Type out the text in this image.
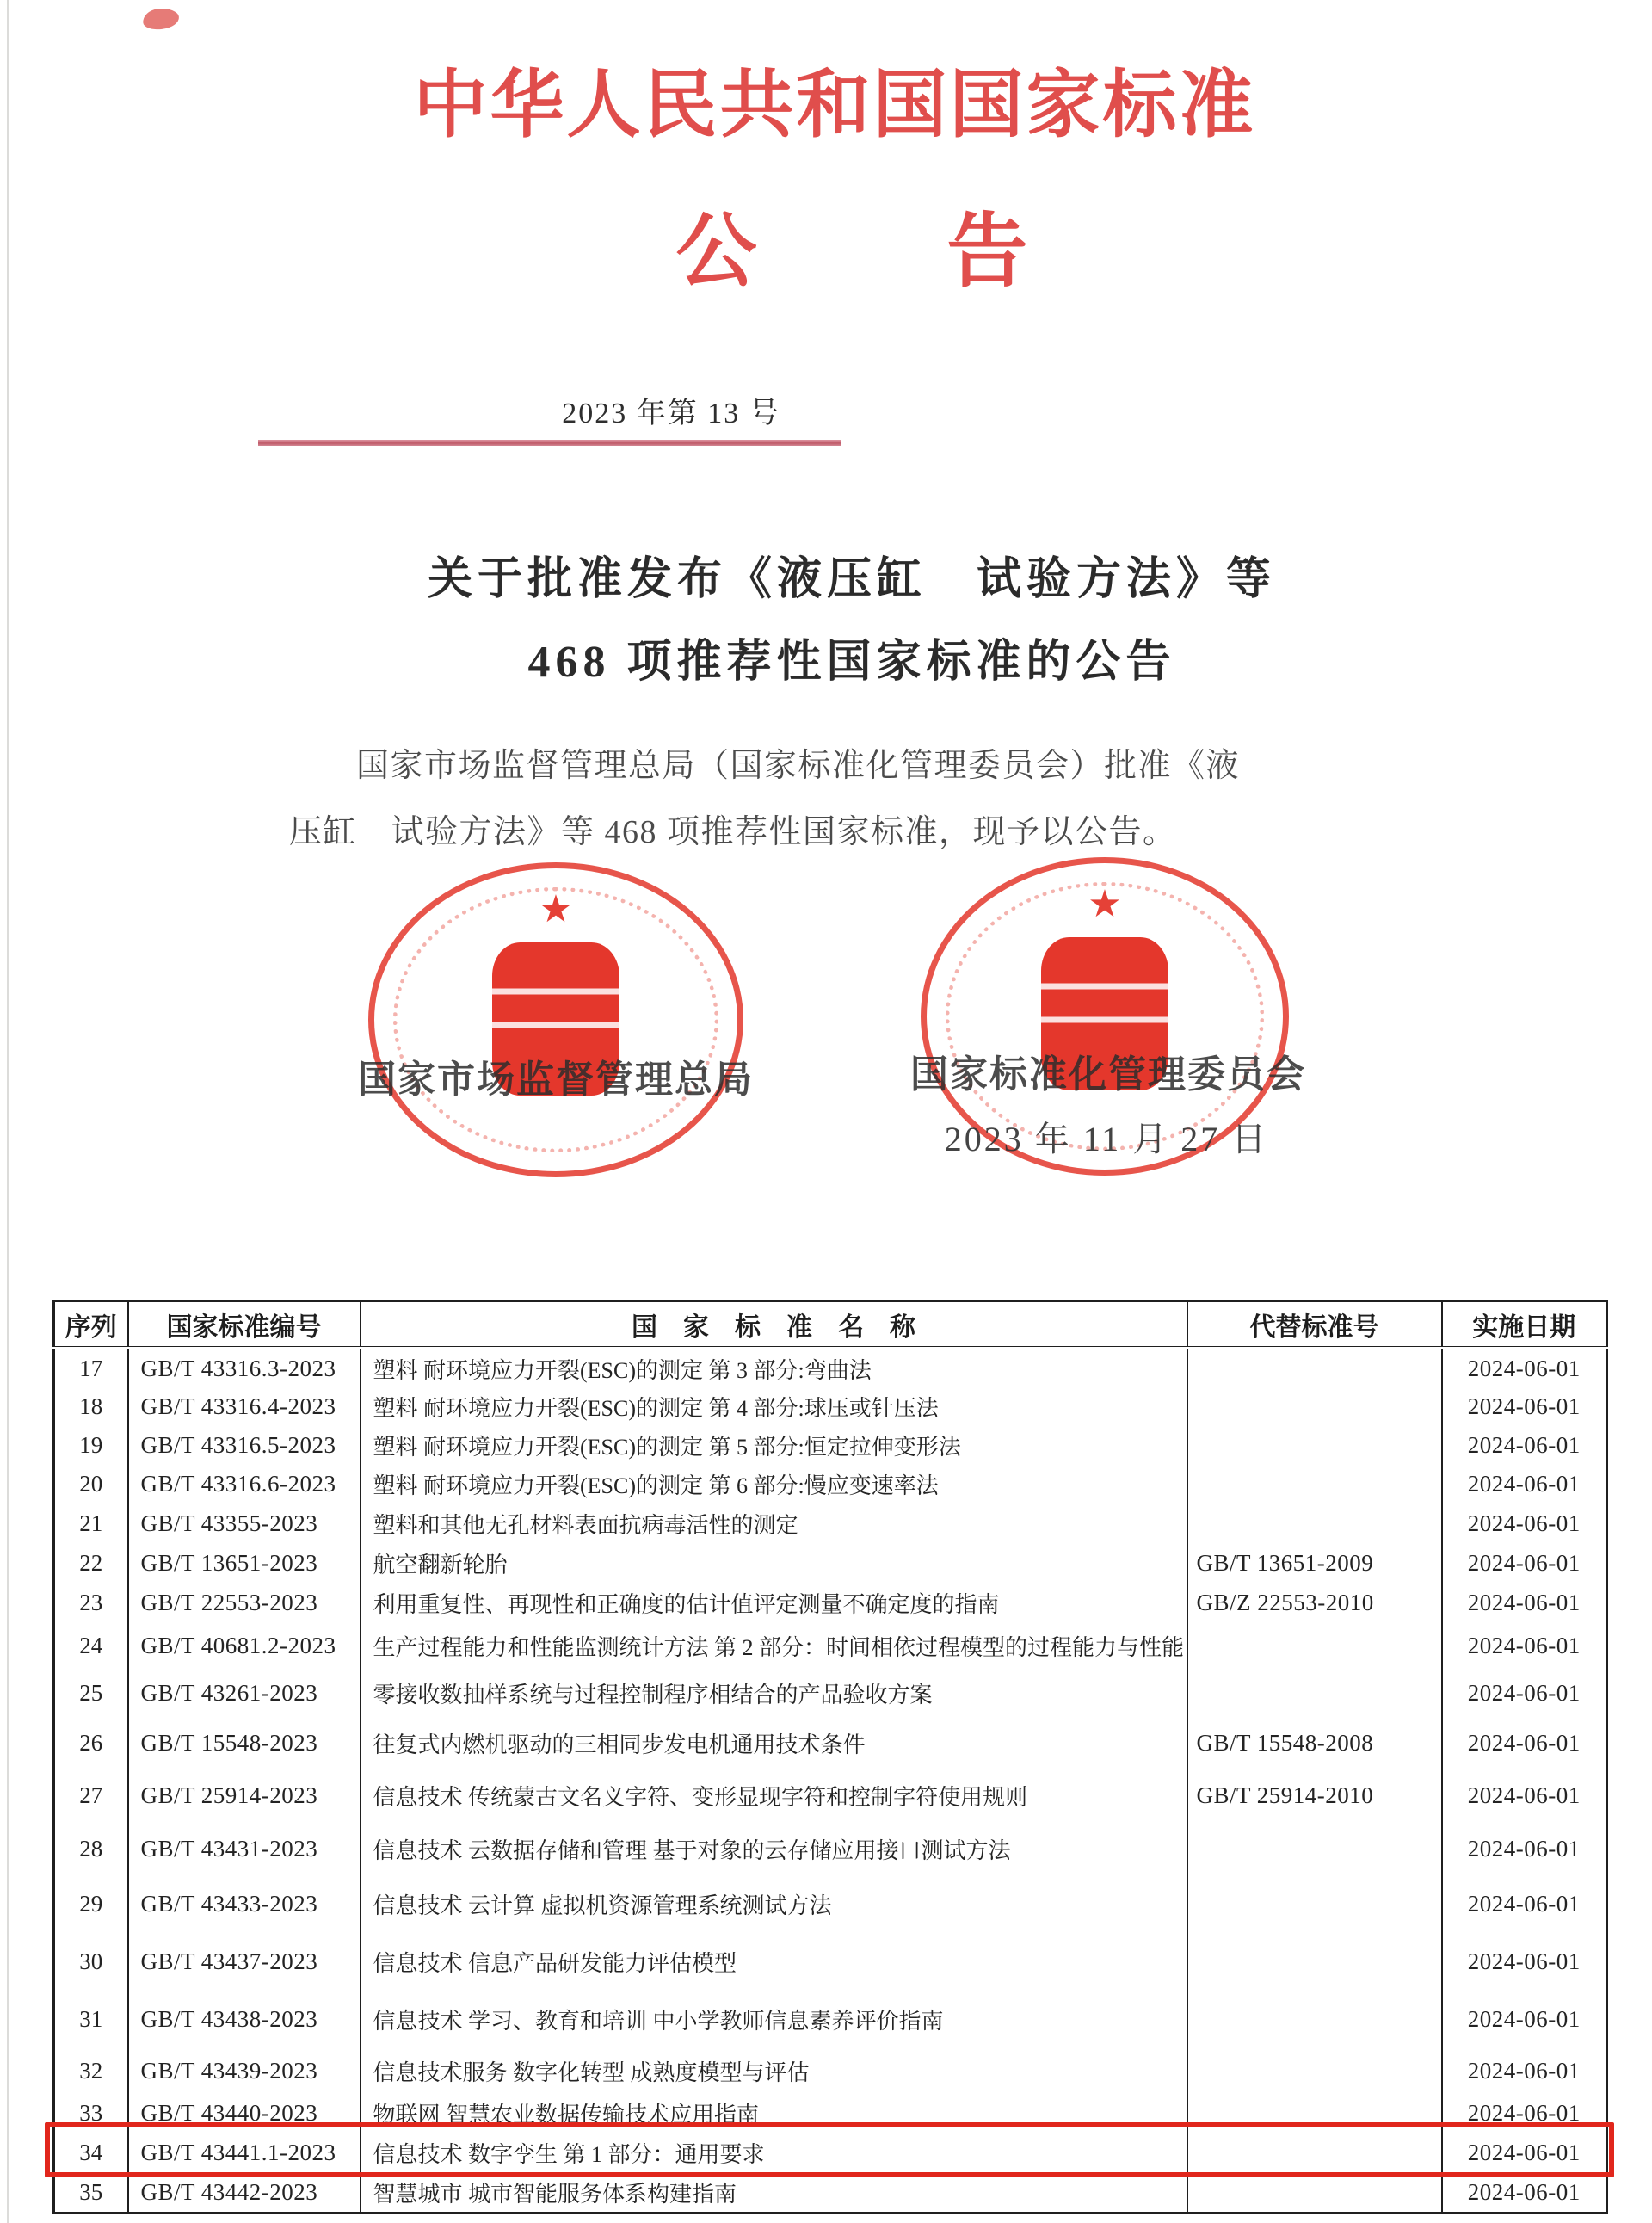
中华人民共和国国家标准
公告
2023 年第 13 号
关于批准发布《液压缸　试验方法》等
468 项推荐性国家标准的公告
国家市场监督管理总局（国家标准化管理委员会）批准《液
压缸　试验方法》等 468 项推荐性国家标准，现予以公告。
★	★
国家市场监督管理总局	国家标准化管理委员会
2023 年 11 月 27 日
序列	国家标准编号	国　家　标　准　名　称	代替标准号	实施日期
17	GB/T 43316.3-2023	塑料 耐环境应力开裂(ESC)的测定 第 3 部分:弯曲法		2024-06-01
18	GB/T 43316.4-2023	塑料 耐环境应力开裂(ESC)的测定 第 4 部分:球压或针压法		2024-06-01
19	GB/T 43316.5-2023	塑料 耐环境应力开裂(ESC)的测定 第 5 部分:恒定拉伸变形法		2024-06-01
20	GB/T 43316.6-2023	塑料 耐环境应力开裂(ESC)的测定 第 6 部分:慢应变速率法		2024-06-01
21	GB/T 43355-2023	塑料和其他无孔材料表面抗病毒活性的测定		2024-06-01
22	GB/T 13651-2023	航空翻新轮胎	GB/T 13651-2009	2024-06-01
23	GB/T 22553-2023	利用重复性、再现性和正确度的估计值评定测量不确定度的指南	GB/Z 22553-2010	2024-06-01
24	GB/T 40681.2-2023	生产过程能力和性能监测统计方法 第 2 部分：时间相依过程模型的过程能力与性能		2024-06-01
25	GB/T 43261-2023	零接收数抽样系统与过程控制程序相结合的产品验收方案		2024-06-01
26	GB/T 15548-2023	往复式内燃机驱动的三相同步发电机通用技术条件	GB/T 15548-2008	2024-06-01
27	GB/T 25914-2023	信息技术 传统蒙古文名义字符、变形显现字符和控制字符使用规则	GB/T 25914-2010	2024-06-01
28	GB/T 43431-2023	信息技术 云数据存储和管理 基于对象的云存储应用接口测试方法		2024-06-01
29	GB/T 43433-2023	信息技术 云计算 虚拟机资源管理系统测试方法		2024-06-01
30	GB/T 43437-2023	信息技术 信息产品研发能力评估模型		2024-06-01
31	GB/T 43438-2023	信息技术 学习、教育和培训 中小学教师信息素养评价指南		2024-06-01
32	GB/T 43439-2023	信息技术服务 数字化转型 成熟度模型与评估		2024-06-01
33	GB/T 43440-2023	物联网 智慧农业数据传输技术应用指南		2024-06-01
34	GB/T 43441.1-2023	信息技术 数字孪生 第 1 部分：通用要求		2024-06-01
35	GB/T 43442-2023	智慧城市 城市智能服务体系构建指南		2024-06-01
